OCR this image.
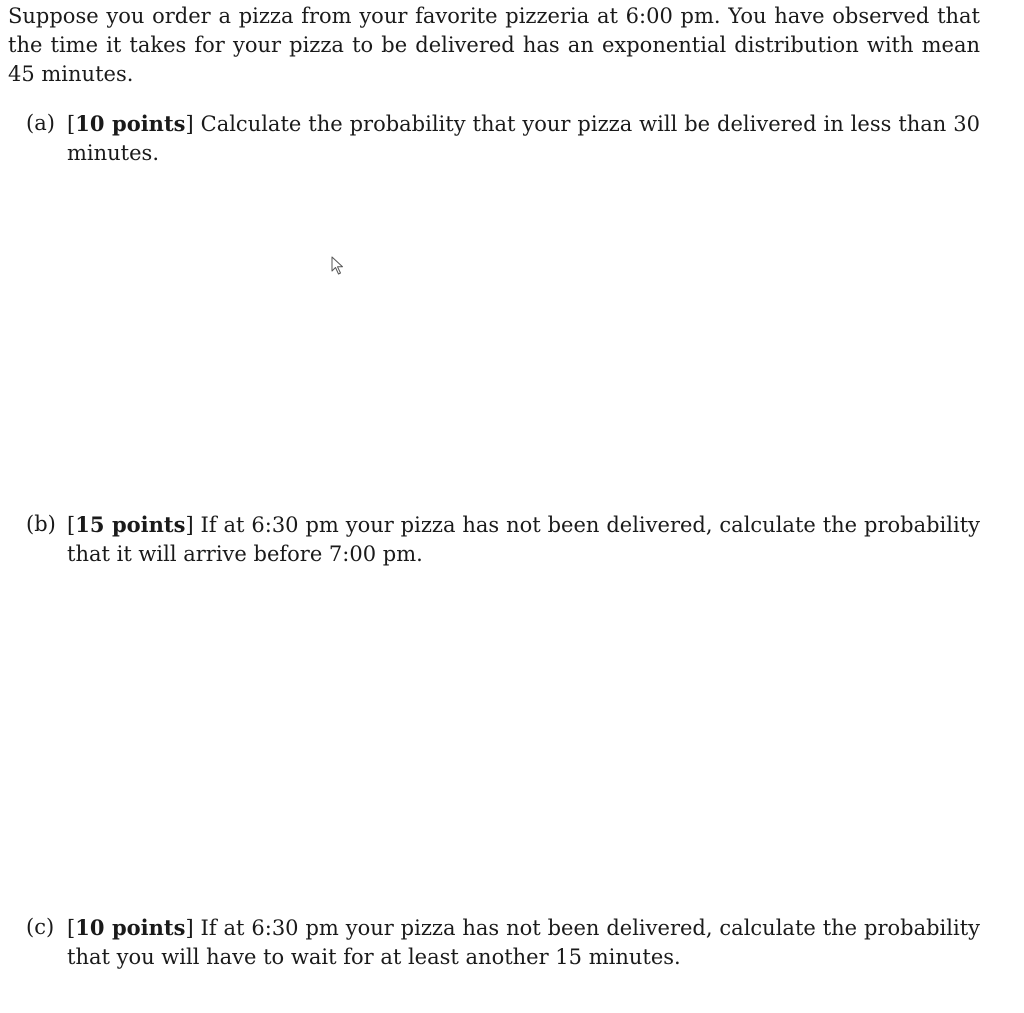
Suppose you order a pizza from your favorite pizzeria at 6:00 pm. You have observed that the time it takes for your pizza to be delivered has an exponential distribution with mean 45 minutes.

(a) [10 points] Calculate the probability that your pizza will be delivered in less than 30 minutes.
(b) [15 points] If at 6:30 pm your pizza has not been delivered, calculate the probability that it will arrive before 7:00 pm.
(c) [10 points] If at 6:30 pm your pizza has not been delivered, calculate the probability that you will have to wait for at least another 15 minutes.
